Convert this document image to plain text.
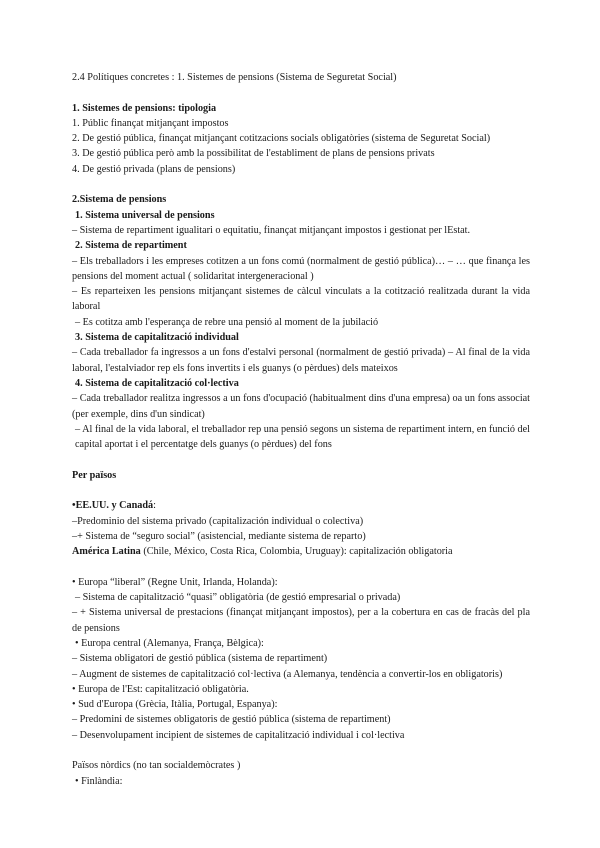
2.4 Polítiques concretes : 1. Sistemes de pensions (Sistema de Seguretat Social)
1. Sistemes de pensions: tipologia
1. Públic finançat mitjançant impostos
2. De gestió pública, finançat mitjançant cotitzacions socials obligatòries (sistema de Seguretat Social)
3. De gestió pública però amb la possibilitat de l'establiment de plans de pensions privats
4. De gestió privada (plans de pensions)
2.Sistema de pensions
1. Sistema universal de pensions
– Sistema de repartiment igualitari o equitatiu, finançat mitjançant impostos i gestionat per lEstat.
2. Sistema de repartiment
– Els treballadors i les empreses cotitzen a un fons comú (normalment de gestió pública)… – … que finança les pensions del moment actual ( solidaritat intergeneracional )
– Es reparteixen les pensions mitjançant sistemes de càlcul vinculats a la cotització realitzada durant la vida laboral
– Es cotitza amb l'esperança de rebre una pensió al moment de la jubilació
3. Sistema de capitalització individual
– Cada treballador fa ingressos a un fons d'estalvi personal (normalment de gestió privada) – Al final de la vida laboral, l'estalviador rep els fons invertits i els guanys (o pèrdues) dels mateixos
4. Sistema de capitalització col·lectiva
– Cada treballador realitza ingressos a un fons d'ocupació (habitualment dins d'una empresa) oa un fons associat (per exemple, dins d'un sindicat)
– Al final de la vida laboral, el treballador rep una pensió segons un sistema de repartiment intern, en funció del capital aportat i el percentatge dels guanys (o pèrdues) del fons
Per països
•EE.UU. y Canadá:
–Predominio del sistema privado (capitalización individual o colectiva)
–+ Sistema de “seguro social” (asistencial, mediante sistema de reparto)
América Latina (Chile, México, Costa Rica, Colombia, Uruguay): capitalización obligatoria
• Europa “liberal” (Regne Unit, Irlanda, Holanda):
– Sistema de capitalització “quasi” obligatòria (de gestió empresarial o privada)
– + Sistema universal de prestacions (finançat mitjançant impostos), per a la cobertura en cas de fracàs del pla de pensions
• Europa central (Alemanya, França, Bèlgica):
– Sistema obligatori de gestió pública (sistema de repartiment)
– Augment de sistemes de capitalització col·lectiva (a Alemanya, tendència a convertir-los en obligatoris)
• Europa de l'Est: capitalització obligatòria.
• Sud d'Europa (Grècia, Itàlia, Portugal, Espanya):
– Predomini de sistemes obligatoris de gestió pública (sistema de repartiment)
– Desenvolupament incipient de sistemes de capitalització individual i col·lectiva
Països nòrdics (no tan socialdemòcrates )
• Finlàndia:
